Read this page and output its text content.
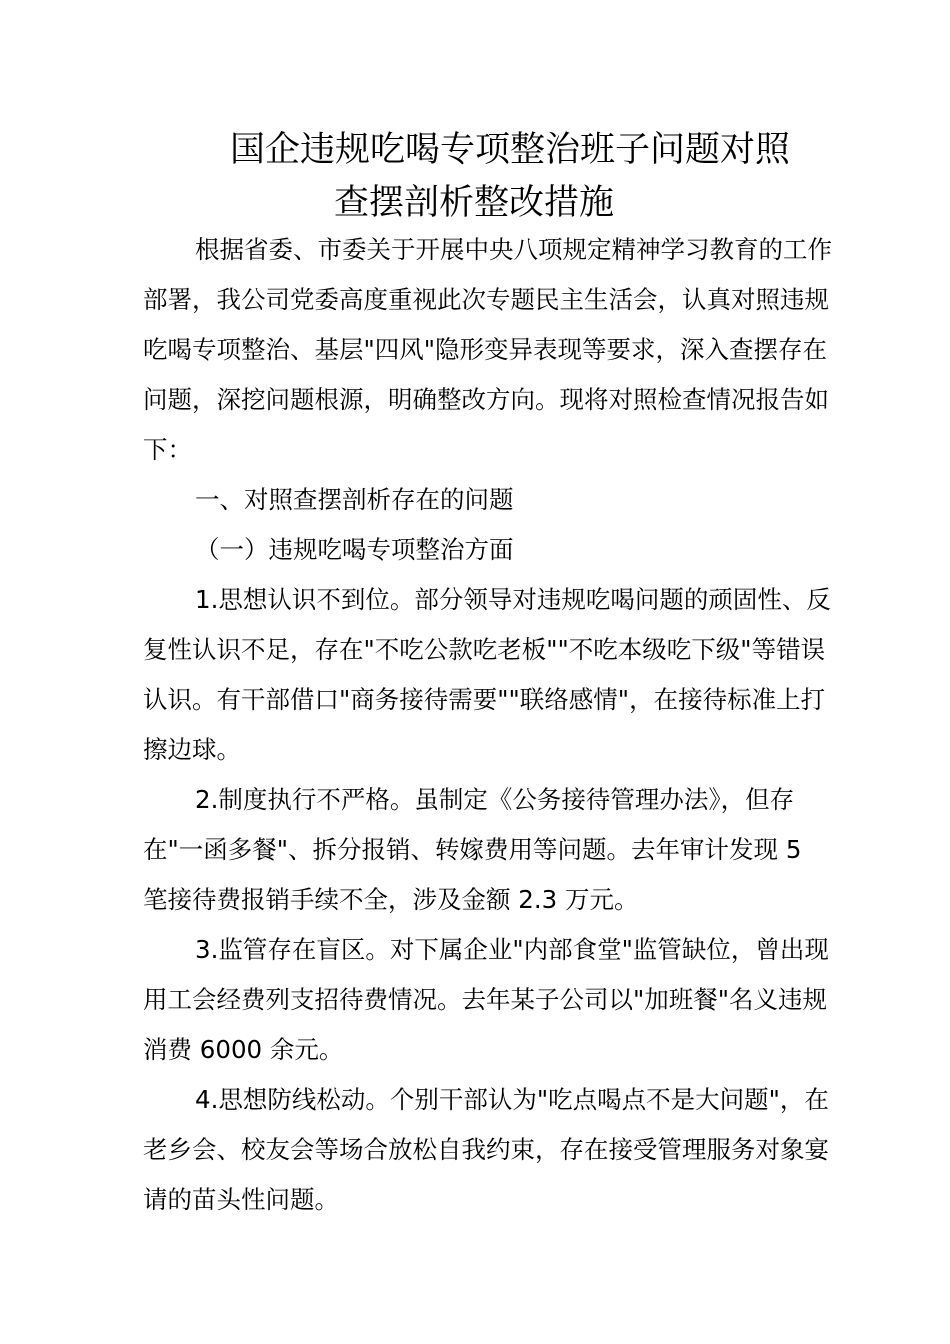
国企违规吃喝专项整治班子问题对照
查摆剖析整改措施

根据省委、市委关于开展中央八项规定精神学习教育的工作部署，我公司党委高度重视此次专题民主生活会，认真对照违规吃喝专项整治、基层"四风"隐形变异表现等要求，深入查摆存在问题，深挖问题根源，明确整改方向。现将对照检查情况报告如下：

一、对照查摆剖析存在的问题

（一）违规吃喝专项整治方面

1.思想认识不到位。部分领导对违规吃喝问题的顽固性、反复性认识不足，存在"不吃公款吃老板""不吃本级吃下级"等错误认识。有干部借口"商务接待需要""联络感情"，在接待标准上打擦边球。

2.制度执行不严格。虽制定《公务接待管理办法》，但存在"一函多餐"、拆分报销、转嫁费用等问题。去年审计发现 5 笔接待费报销手续不全，涉及金额 2.3 万元。

3.监管存在盲区。对下属企业"内部食堂"监管缺位，曾出现用工会经费列支招待费情况。去年某子公司以"加班餐"名义违规消费 6000 余元。

4.思想防线松动。个别干部认为"吃点喝点不是大问题"，在老乡会、校友会等场合放松自我约束，存在接受管理服务对象宴请的苗头性问题。
